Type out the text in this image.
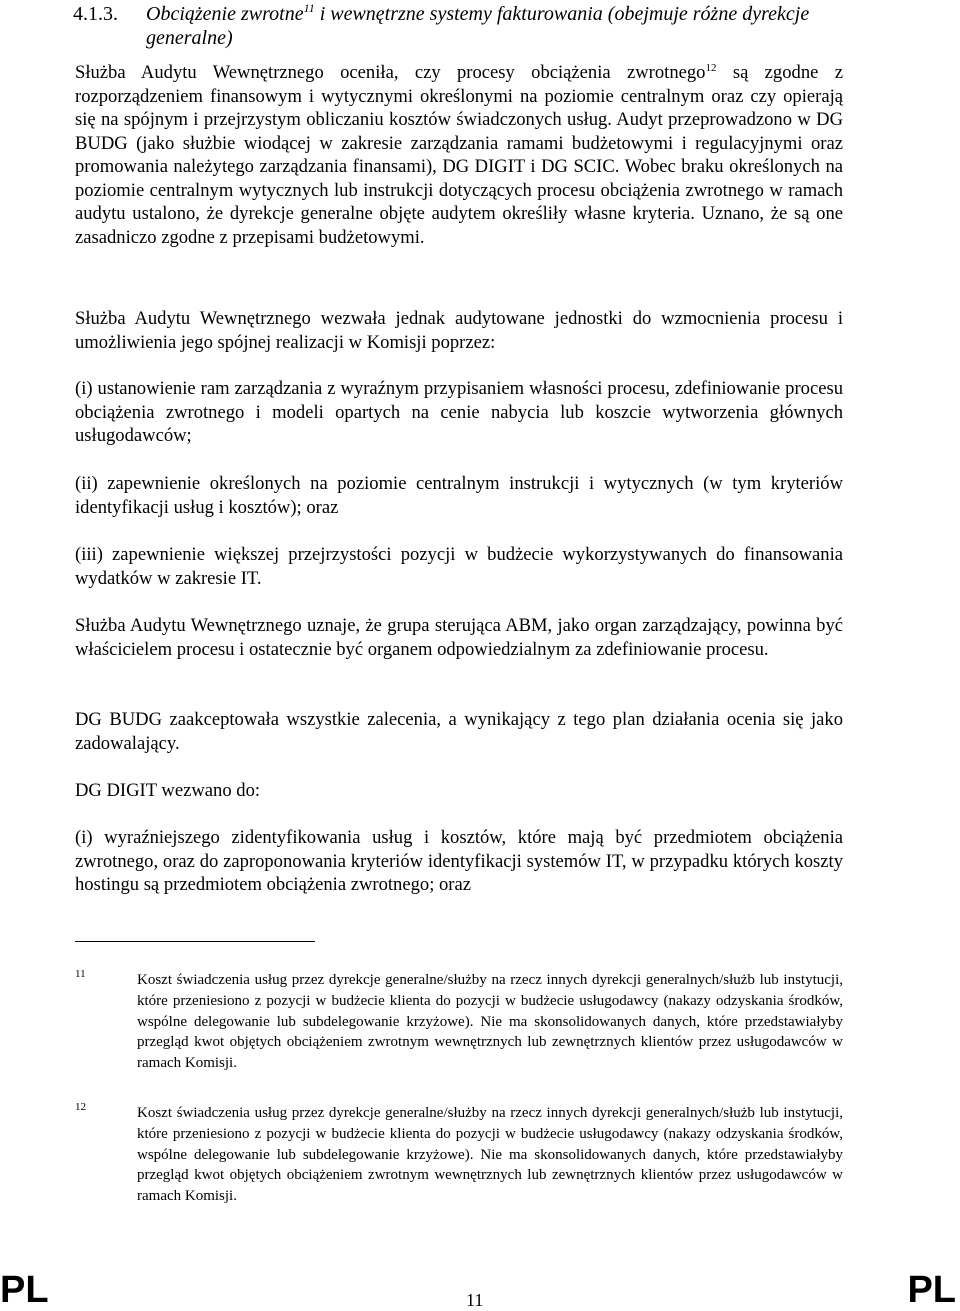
4.1.3.	Obciążenie zwrotne$^{11}$ i wewnętrzne systemy fakturowania (obejmuje różne dyrekcje generalne)

Służba Audytu Wewnętrznego oceniła, czy procesy obciążenia zwrotnego$^{12}$ są zgodne z rozporządzeniem finansowym i wytycznymi określonymi na poziomie centralnym oraz czy opierają się na spójnym i przejrzystym obliczaniu kosztów świadczonych usług. Audyt przeprowadzono w DG BUDG (jako służbie wiodącej w zakresie zarządzania ramami budżetowymi i regulacyjnymi oraz promowania należytego zarządzania finansami), DG DIGIT i DG SCIC. Wobec braku określonych na poziomie centralnym wytycznych lub instrukcji dotyczących procesu obciążenia zwrotnego w ramach audytu ustalono, że dyrekcje generalne objęte audytem określiły własne kryteria. Uznano, że są one zasadniczo zgodne z przepisami budżetowymi.

Służba Audytu Wewnętrznego wezwała jednak audytowane jednostki do wzmocnienia procesu i umożliwienia jego spójnej realizacji w Komisji poprzez:

(i) ustanowienie ram zarządzania z wyraźnym przypisaniem własności procesu, zdefiniowanie procesu obciążenia zwrotnego i modeli opartych na cenie nabycia lub koszcie wytworzenia głównych usługodawców;

(ii) zapewnienie określonych na poziomie centralnym instrukcji i wytycznych (w tym kryteriów identyfikacji usług i kosztów); oraz

(iii) zapewnienie większej przejrzystości pozycji w budżecie wykorzystywanych do finansowania wydatków w zakresie IT.

Służba Audytu Wewnętrznego uznaje, że grupa sterująca ABM, jako organ zarządzający, powinna być właścicielem procesu i ostatecznie być organem odpowiedzialnym za zdefiniowanie procesu.

DG BUDG zaakceptowała wszystkie zalecenia, a wynikający z tego plan działania ocenia się jako zadowalający.

DG DIGIT wezwano do:

(i) wyraźniejszego zidentyfikowania usług i kosztów, które mają być przedmiotem obciążenia zwrotnego, oraz do zaproponowania kryteriów identyfikacji systemów IT, w przypadku których koszty hostingu są przedmiotem obciążenia zwrotnego; oraz

11	Koszt świadczenia usług przez dyrekcje generalne/służby na rzecz innych dyrekcji generalnych/służb lub instytucji, które przeniesiono z pozycji w budżecie klienta do pozycji w budżecie usługodawcy (nakazy odzyskania środków, wspólne delegowanie lub subdelegowanie krzyżowe). Nie ma skonsolidowanych danych, które przedstawiałyby przegląd kwot objętych obciążeniem zwrotnym wewnętrznych lub zewnętrznych klientów przez usługodawców w ramach Komisji.
12	Koszt świadczenia usług przez dyrekcje generalne/służby na rzecz innych dyrekcji generalnych/służb lub instytucji, które przeniesiono z pozycji w budżecie klienta do pozycji w budżecie usługodawcy (nakazy odzyskania środków, wspólne delegowanie lub subdelegowanie krzyżowe). Nie ma skonsolidowanych danych, które przedstawiałyby przegląd kwot objętych obciążeniem zwrotnym wewnętrznych lub zewnętrznych klientów przez usługodawców w ramach Komisji.
PL	11	PL
